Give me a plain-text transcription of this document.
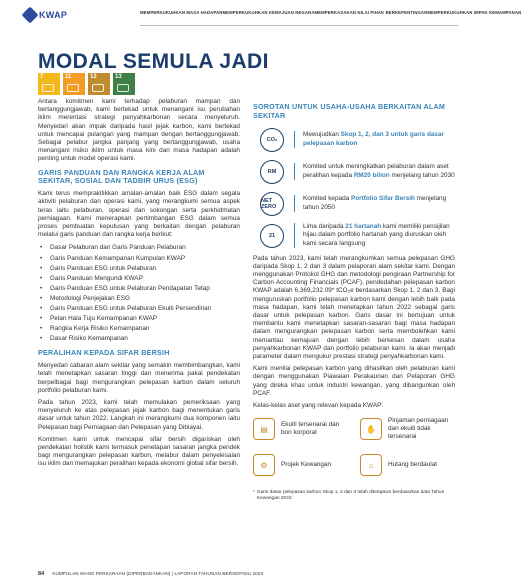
KWAP	MEMPERKUKUHKAN MASA HADAPAN MEMPERKUKUHKAN KEMAJUAN NEGARA MEMPERKASAKAN NILAI PIHAK BERKEPENTINGAN MEMPERKUKUHKAN IMPAK KEMAMPANAN
MODAL SEMULA JADI
7	11	12	13

Antara komitmen kami terhadap pelaburan mampan dan bertanggungjawab, kami bertekad untuk menangani isu perubahan iklim merentasi strategi penyahkarbonan secara menyeluruh. Menyedari akan impak daripada hasil jejak karbon, kami bertekad untuk mencapai pulangan yang mampan dengan bertanggungjawab. Sebagai pelabur jangka panjang yang bertanggungjawab, usaha menangani risiko iklim untuk masa kini dan masa hadapan adalah penting untuk model operasi kami.

GARIS PANDUAN DAN RANGKA KERJA ALAM SEKITAR, SOSIAL DAN TADBIR URUS (ESG)

Kami terus memprakitikkan amalan-amalan baik ESG dalam segala aktiviti pelaburan dan operasi kami, yang merangkumi semua aspek teras iaitu pelaburan, operasi dan sokongan serta perkhidmatan perniagaan. Kami menerapkan pertimbangan ESG dalam semua proses pembuatan keputusan yang berkaitan dengan pelaburan melalui garis panduan dan rangka kerja berikut:

• Dasar Pelaburan dan Garis Panduan Pelaburan
• Garis Panduan Kemampanan Kumpulan KWAP
• Garis Panduan ESG untuk Pelaburan
• Garis Panduan Mengundi KWAP
• Garis Panduan ESG untuk Pelaburan Pendapatan Tetap
• Metodologi Penjejakan ESG
• Garis Panduan ESG untuk Pelaburan Ekuiti Persendirian
• Pelan Hala Tuju Kemampanan KWAP
• Rangka Kerja Risiko Kemampanan
• Dasar Risiko Kemampanan
PERALIHAN KEPADA SIFAR BERSIH

Menyedari cabaran alam sekitar yang semakin membimbangkan, kami telah menetapkan sasaran tinggi dan menerima pakai pendekatan berpelbagai bagi mengurangkan pelepasan karbon dalam seluruh portfolio pelaburan kami.

Pada tahun 2023, kami telah memulakan pemeriksaan yang menyeluruh ke atas pelepasan jejak karbon bagi menentukan garis dasar untuk tahun 2022. Langkah ini merangkumi dua komponen iaitu Pelepasan bagi Perniagaan dan Pelepasan yang Dibiayai.

Komitmen kami untuk mencapai sifar bersih digariskan oleh pendekatan holistik kami termasuk penetapan sasaran jangka pendek bagi mengurangkan pelepasan karbon, melabur dalam penyelesaian isu iklim dan memajukan peralihan kepada ekonomi global sifar bersih.

SOROTAN UNTUK USAHA-USAHA BERKAITAN ALAM SEKITAR
CO₂
Mewujudkan Skop 1, 2, dan 3 untuk garis dasar pelepasan karbon
RM
Komited untuk meningkatkan pelaburan dalam aset peralihan kepada RM20 bilion menjelang tahun 2030
NET ZERO
Komited kepada Portfolio Sifar Bersih menjelang tahun 2050
21
Lima daripada 21 hartanah kami memiliki pensijilan hijau dalam portfolio hartanah yang diuruskan oleh kami secara langsung

Pada tahun 2023, kami telah merangkumkan semua pelepasan GHG daripada Skop 1, 2 dan 3 dalam pelaporan alam sekitar kami. Dengan menggunakan Protokol GHG dan metodologi pengiraan Partnership for Carbon Accounting Financials (PCAF), pendedahan pelepasan karbon KWAP adalah 6,369,232.09* tCO₂e berdasarkan Skop 1, 2 dan 3. Bagi menguruskan portfolio pelepasan karbon kami dengan lebih baik pada masa hadapan, kami telah menetapkan tahun 2022 sebagai garis dasar untuk pelepasan karbon. Garis dasar ini bertujuan untuk membantu kami menetapkan sasaran-sasaran bagi masa hadapan dalam mengurangkan pelepasan karbon serta membolehkan kami memantau kemajuan dengan lebih berkesan dalam usaha penyahkarbonan KWAP dan portfolio pelaburan kami. Ia akan menjadi parameter dalam mengukur prestasi strategi penyahkarbonan kami.

Kami menilai pelepasan karbon yang dihasilkan oleh pelaburan kami dengan menggunakan Piawaian Perakaunan dan Pelaporan GHG yang direka khas untuk industri kewangan, yang dibangunkan oleh PCAF.

Kelas-kelas aset yang relevan kepada KWAP:

▤
Ekuiti tersenarai dan bon korporat	✋
Pinjaman perniagaan dan ekuiti tidak tersenarai
⚙	Projek Kewangan	⌂	Hutang berdaulat
* Garis dasar pelepasan karbon Skop 1, 2 dan 3 telah ditetapkan berdasarkan data Tahun Kewangan 2022.
84 KUMPULAN WANG PERSARAAN (DIPERBADANKAN) | LAPORAN TAHUNAN BERSEPADU 2023
